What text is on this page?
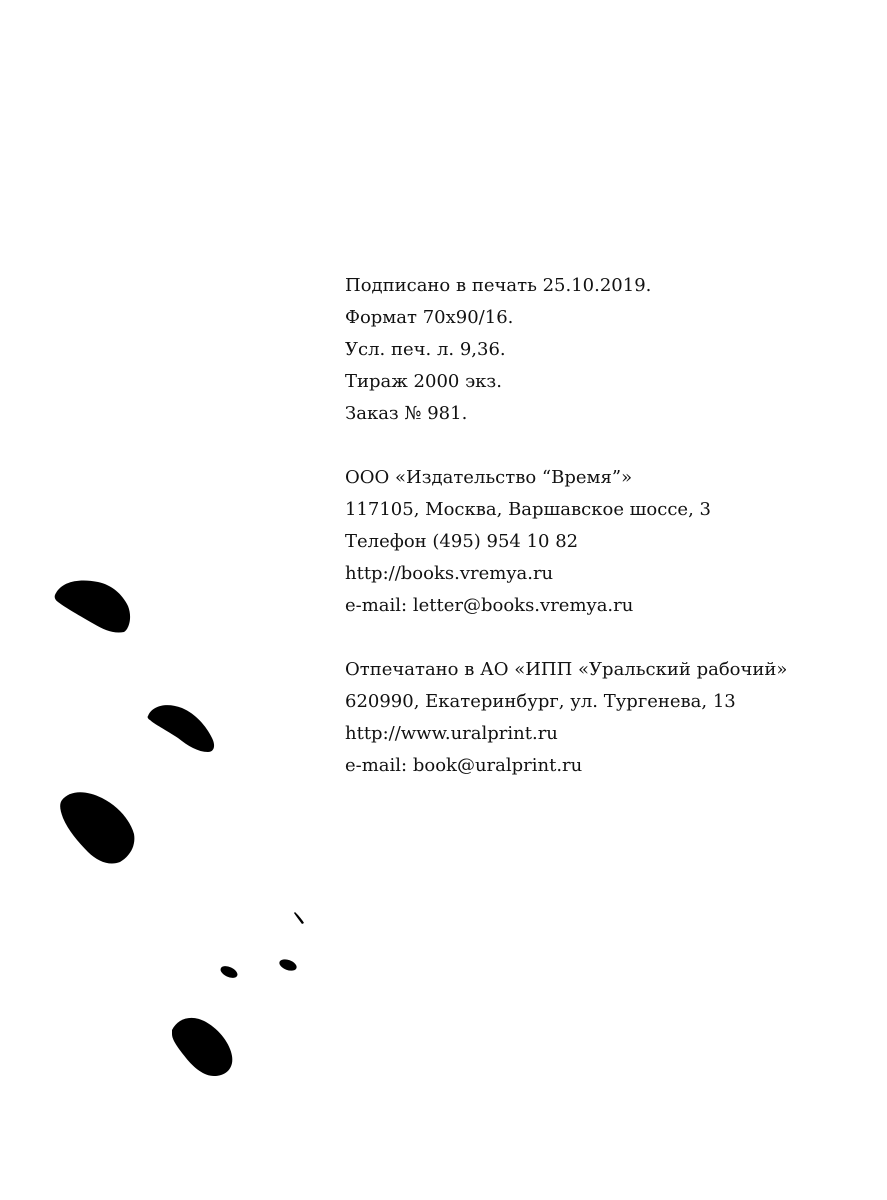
Подписано в печать 25.10.2019.
Формат 70х90/16.
Усл. печ. л. 9,36.
Тираж 2000 экз.
Заказ № 981.
ООО «Издательство “Время”»
117105, Москва, Варшавское шоссе, 3
Телефон (495) 954 10 82
http://books.vremya.ru
e-mail: letter@books.vremya.ru
Отпечатано в АО «ИПП «Уральский рабочий»
620990, Екатеринбург, ул. Тургенева, 13
http://www.uralprint.ru
e-mail: book@uralprint.ru
